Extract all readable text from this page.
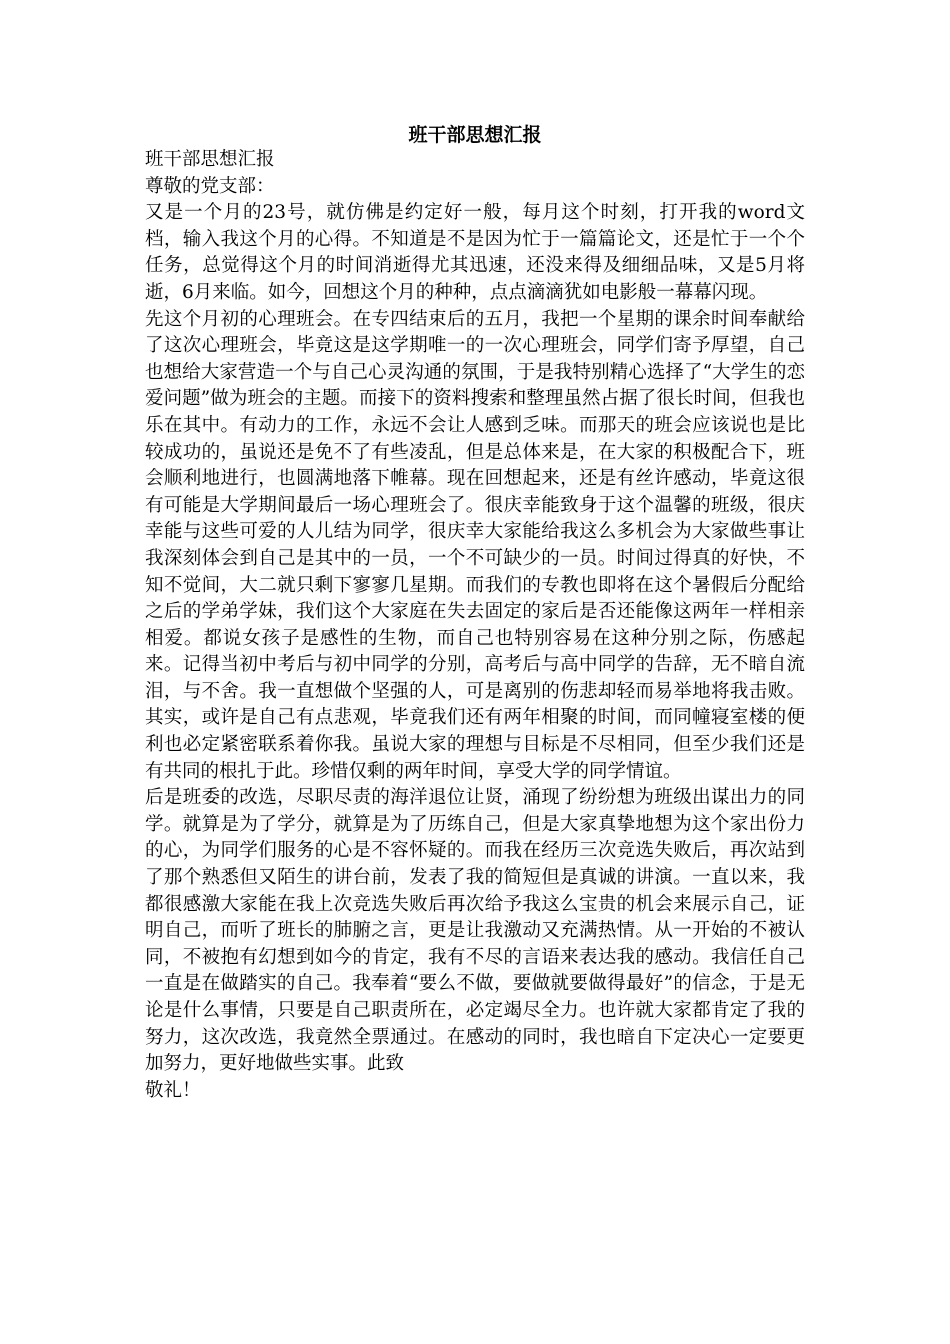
班干部思想汇报

班干部思想汇报

尊敬的党支部：

又是一个月的23号，就仿佛是约定好一般，每月这个时刻，打开我的word文档，输入我这个月的心得。不知道是不是因为忙于一篇篇论文，还是忙于一个个任务，总觉得这个月的时间消逝得尤其迅速，还没来得及细细品味，又是5月将逝，6月来临。如今，回想这个月的种种，点点滴滴犹如电影般一幕幕闪现。

先这个月初的心理班会。在专四结束后的五月，我把一个星期的课余时间奉献给了这次心理班会，毕竟这是这学期唯一的一次心理班会，同学们寄予厚望，自己也想给大家营造一个与自己心灵沟通的氛围，于是我特别精心选择了“大学生的恋爱问题”做为班会的主题。而接下的资料搜索和整理虽然占据了很长时间，但我也乐在其中。有动力的工作，永远不会让人感到乏味。而那天的班会应该说也是比较成功的，虽说还是免不了有些凌乱，但是总体来是，在大家的积极配合下，班会顺利地进行，也圆满地落下帷幕。现在回想起来，还是有丝许感动，毕竟这很有可能是大学期间最后一场心理班会了。很庆幸能致身于这个温馨的班级，很庆幸能与这些可爱的人儿结为同学，很庆幸大家能给我这么多机会为大家做些事让我深刻体会到自己是其中的一员，一个不可缺少的一员。时间过得真的好快，不知不觉间，大二就只剩下寥寥几星期。而我们的专教也即将在这个暑假后分配给之后的学弟学妹，我们这个大家庭在失去固定的家后是否还能像这两年一样相亲相爱。都说女孩子是感性的生物，而自己也特别容易在这种分别之际，伤感起来。记得当初中考后与初中同学的分别，高考后与高中同学的告辞，无不暗自流泪，与不舍。我一直想做个坚强的人，可是离别的伤悲却轻而易举地将我击败。其实，或许是自己有点悲观，毕竟我们还有两年相聚的时间，而同幢寝室楼的便利也必定紧密联系着你我。虽说大家的理想与目标是不尽相同，但至少我们还是有共同的根扎于此。珍惜仅剩的两年时间，享受大学的同学情谊。

后是班委的改选，尽职尽责的海洋退位让贤，涌现了纷纷想为班级出谋出力的同学。就算是为了学分，就算是为了历练自己，但是大家真挚地想为这个家出份力的心，为同学们服务的心是不容怀疑的。而我在经历三次竞选失败后，再次站到了那个熟悉但又陌生的讲台前，发表了我的简短但是真诚的讲演。一直以来，我都很感激大家能在我上次竞选失败后再次给予我这么宝贵的机会来展示自己，证明自己，而听了班长的肺腑之言，更是让我激动又充满热情。从一开始的不被认同，不被抱有幻想到如今的肯定，我有不尽的言语来表达我的感动。我信任自己一直是在做踏实的自己。我奉着“要么不做，要做就要做得最好”的信念，于是无论是什么事情，只要是自己职责所在，必定竭尽全力。也许就大家都肯定了我的努力，这次改选，我竟然全票通过。在感动的同时，我也暗自下定决心一定要更加努力，更好地做些实事。此致

敬礼！
